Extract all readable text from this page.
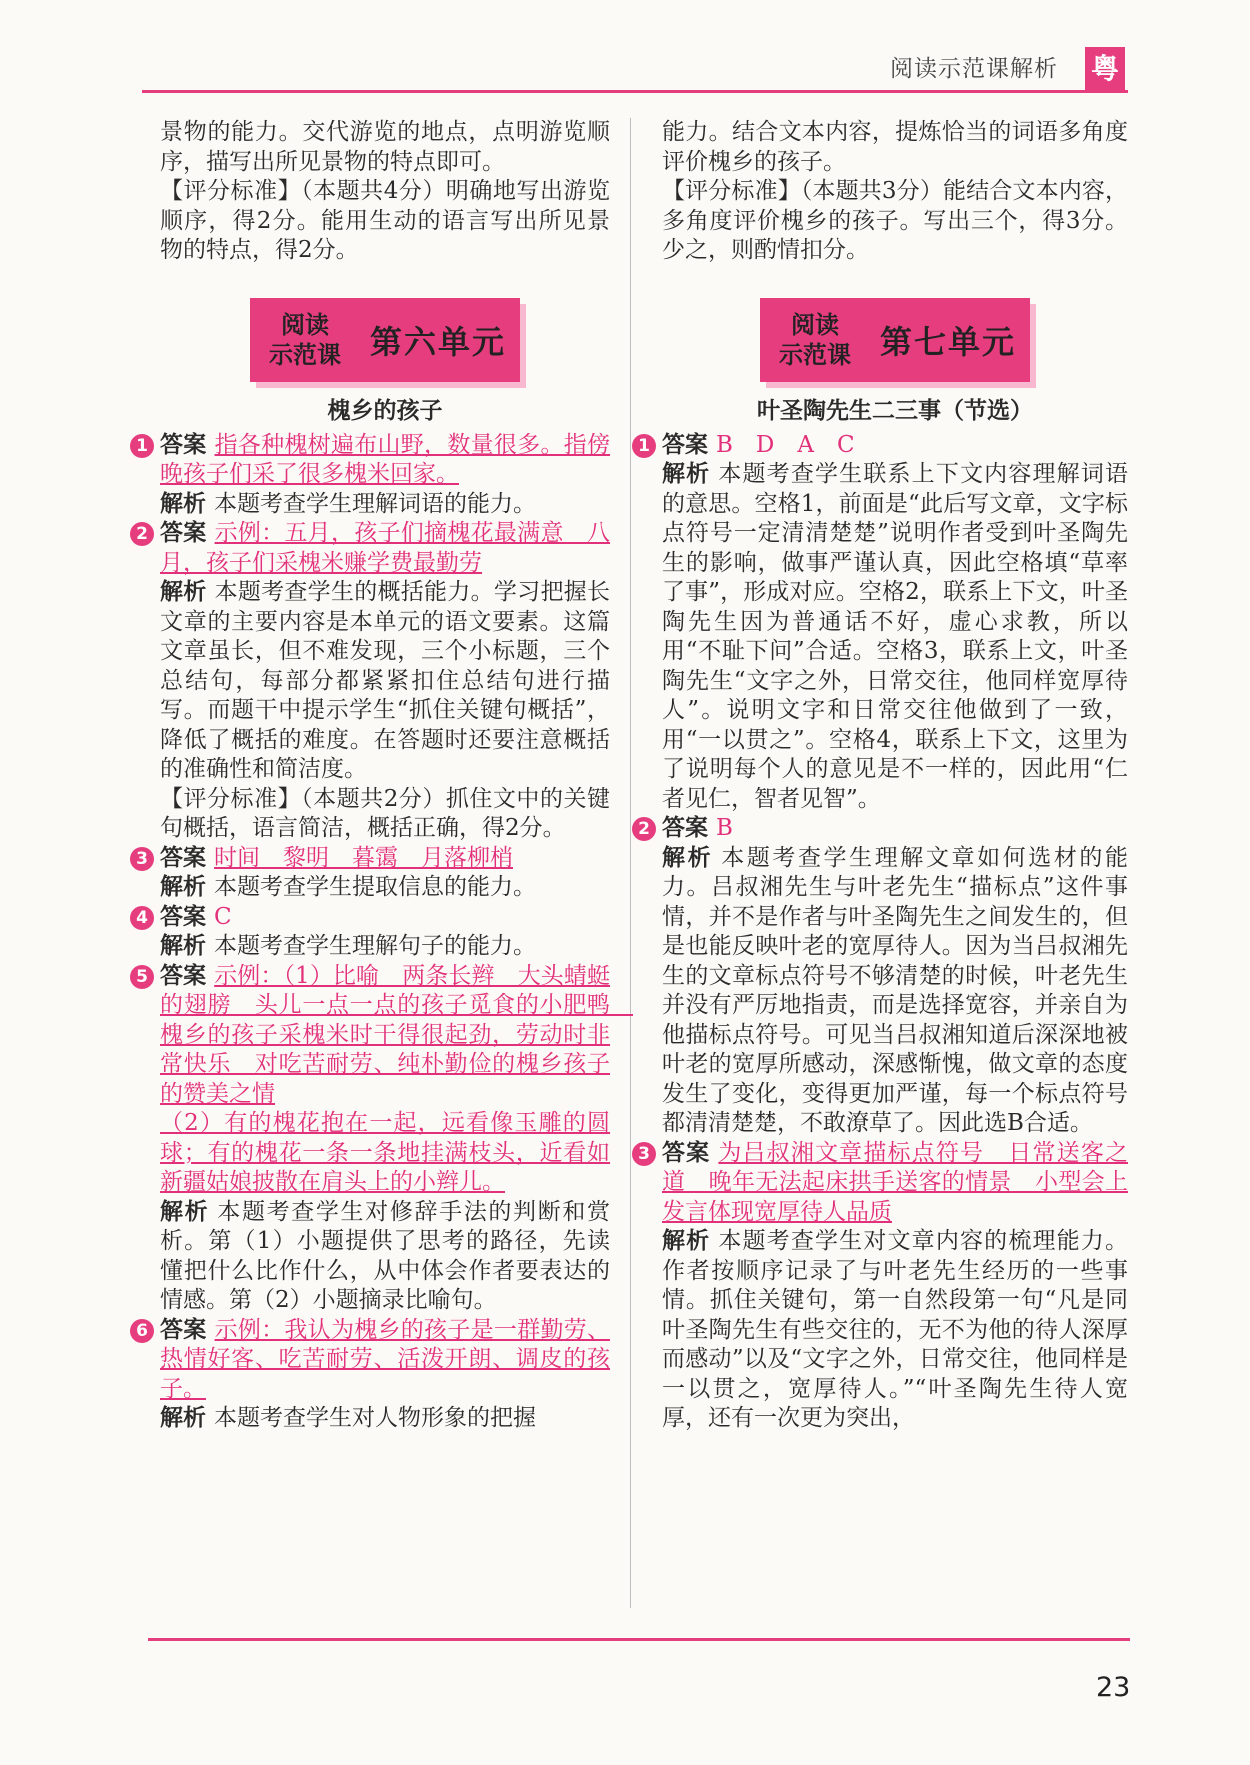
阅读示范课解析 粤

景物的能力。交代游览的地点，点明游览顺序，描写出所见景物的特点即可。

【评分标准】（本题共4分）明确地写出游览顺序，得2分。能用生动的语言写出所见景物的特点，得2分。

阅读
示范课 第六单元
槐乡的孩子
1 答案 指各种槐树遍布山野，数量很多。指傍晚孩子们采了很多槐米回家。

解析 本题考查学生理解词语的能力。

2 答案 示例：五月，孩子们摘槐花最满意　八月，孩子们采槐米赚学费最勤劳

解析 本题考查学生的概括能力。学习把握长文章的主要内容是本单元的语文要素。这篇文章虽长，但不难发现，三个小标题，三个总结句，每部分都紧紧扣住总结句进行描写。而题干中提示学生“抓住关键句概括”，降低了概括的难度。在答题时还要注意概括的准确性和简洁度。

【评分标准】（本题共2分）抓住文中的关键句概括，语言简洁，概括正确，得2分。

3 答案 时间　黎明　暮霭　月落柳梢

解析 本题考查学生提取信息的能力。

4 答案 C

解析 本题考查学生理解句子的能力。

5 答案 示例：（1）比喻　两条长辫　大头蜻蜓的翅膀　头儿一点一点的孩子觅食的小肥鸭　槐乡的孩子采槐米时干得很起劲，劳动时非常快乐　对吃苦耐劳、纯朴勤俭的槐乡孩子的赞美之情

（2）有的槐花抱在一起，远看像玉雕的圆球；有的槐花一条一条地挂满枝头，近看如新疆姑娘披散在肩头上的小辫儿。

解析 本题考查学生对修辞手法的判断和赏析。第（1）小题提供了思考的路径，先读懂把什么比作什么，从中体会作者要表达的情感。第（2）小题摘录比喻句。

6 答案 示例：我认为槐乡的孩子是一群勤劳、热情好客、吃苦耐劳、活泼开朗、调皮的孩子。

解析 本题考查学生对人物形象的把握

能力。结合文本内容，提炼恰当的词语多角度评价槐乡的孩子。

【评分标准】（本题共3分）能结合文本内容，多角度评价槐乡的孩子。写出三个，得3分。少之，则酌情扣分。

阅读
示范课 第七单元
叶圣陶先生二三事（节选）
1 答案 B　D　A　C

解析 本题考查学生联系上下文内容理解词语的意思。空格1，前面是“此后写文章，文字标点符号一定清清楚楚”说明作者受到叶圣陶先生的影响，做事严谨认真，因此空格填“草率了事”，形成对应。空格2，联系上下文，叶圣陶先生因为普通话不好，虚心求教，所以用“不耻下问”合适。空格3，联系上文，叶圣陶先生“文字之外，日常交往，他同样宽厚待人”。说明文字和日常交往他做到了一致，用“一以贯之”。空格4，联系上下文，这里为了说明每个人的意见是不一样的，因此用“仁者见仁，智者见智”。

2 答案 B

解析 本题考查学生理解文章如何选材的能力。吕叔湘先生与叶老先生“描标点”这件事情，并不是作者与叶圣陶先生之间发生的，但是也能反映叶老的宽厚待人。因为当吕叔湘先生的文章标点符号不够清楚的时候，叶老先生并没有严厉地指责，而是选择宽容，并亲自为他描标点符号。可见当吕叔湘知道后深深地被叶老的宽厚所感动，深感惭愧，做文章的态度发生了变化，变得更加严谨，每一个标点符号都清清楚楚，不敢潦草了。因此选B合适。

3 答案 为吕叔湘文章描标点符号　日常送客之道　晚年无法起床拱手送客的情景　小型会上发言体现宽厚待人品质

解析 本题考查学生对文章内容的梳理能力。作者按顺序记录了与叶老先生经历的一些事情。抓住关键句，第一自然段第一句“凡是同叶圣陶先生有些交往的，无不为他的待人深厚而感动”以及“文字之外，日常交往，他同样是一以贯之，宽厚待人。”“叶圣陶先生待人宽厚，还有一次更为突出，

23
